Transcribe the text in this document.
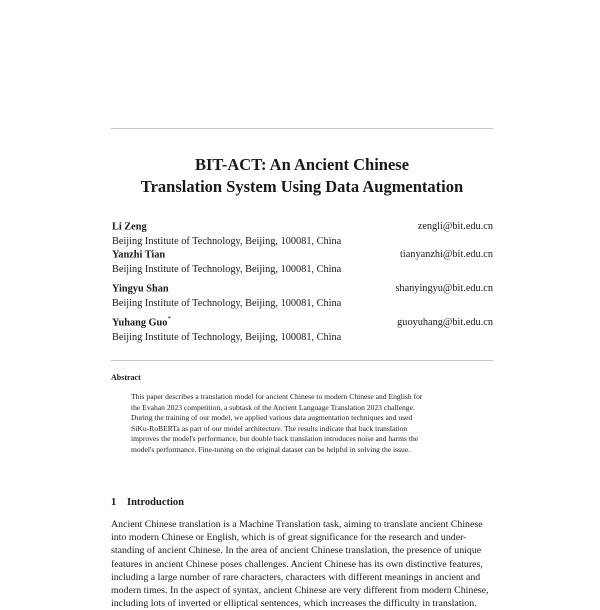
BIT-ACT: An Ancient Chinese
Translation System Using Data Augmentation
Li Zeng	zengli@bit.edu.cn
Beijing Institute of Technology, Beijing, 100081, China
Yanzhi Tian	tianyanzhi@bit.edu.cn
Beijing Institute of Technology, Beijing, 100081, China
Yingyu Shan	shanyingyu@bit.edu.cn
Beijing Institute of Technology, Beijing, 100081, China
Yuhang Guo*	guoyuhang@bit.edu.cn
Beijing Institute of Technology, Beijing, 100081, China
Abstract
This paper describes a translation model for ancient Chinese to modern Chinese and English for
the Evahan 2023 competition, a subtask of the Ancient Language Translation 2023 challenge.
During the training of our model, we applied various data augmentation techniques and used
SiKu-RoBERTa as part of our model architecture. The results indicate that back translation
improves the model's performance, but double back translation introduces noise and harms the
model's performance. Fine-tuning on the original dataset can be helpful in solving the issue.
1 Introduction
Ancient Chinese translation is a Machine Translation task, aiming to translate ancient Chinese
into modern Chinese or English, which is of great significance for the research and under-
standing of ancient Chinese. In the area of ancient Chinese translation, the presence of unique
features in ancient Chinese poses challenges. Ancient Chinese has its own distinctive features,
including a large number of rare characters, characters with different meanings in ancient and
modern times. In the aspect of syntax, ancient Chinese are very different from modern Chinese,
including lots of inverted or elliptical sentences, which increases the difficulty in translation.
